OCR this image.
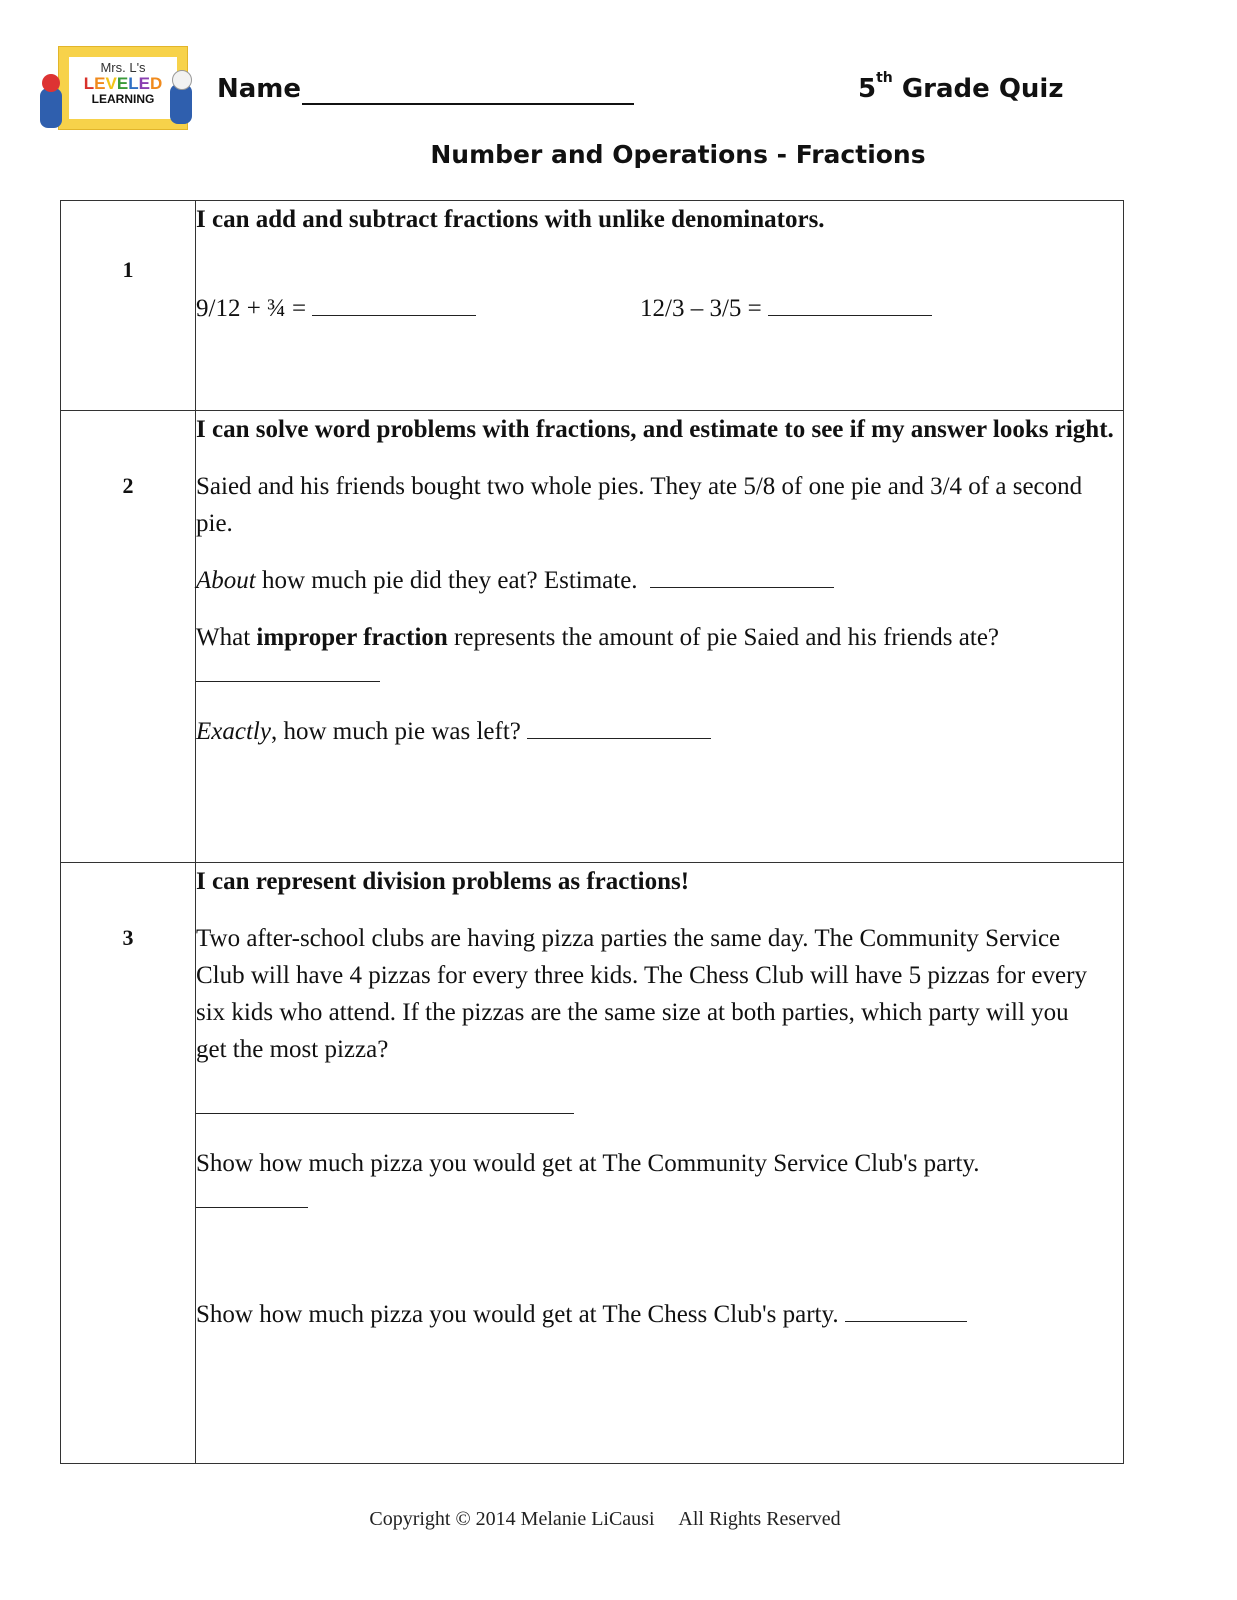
Mrs. L's
LEVELED
LEARNING	Name	5th Grade Quiz
Number and Operations - Fractions
1	I can add and subtract fractions with unlike denominators.
9/12 + ¾ = 12/3 – 3/5 =

2	I can solve word problems with fractions, and estimate to see if my answer looks right.

Saied and his friends bought two whole pies. They ate 5/8 of one pie and 3/4 of a second pie.

About how much pie did they eat? Estimate.

What improper fraction represents the amount of pie Saied and his friends ate?

Exactly, how much pie was left?

3	I can represent division problems as fractions!

Two after-school clubs are having pizza parties the same day. The Community Service Club will have 4 pizzas for every three kids. The Chess Club will have 5 pizzas for every six kids who attend. If the pizzas are the same size at both parties, which party will you get the most pizza?

Show how much pizza you would get at The Community Service Club's party.

Show how much pizza you would get at The Chess Club's party.

Copyright © 2014 Melanie LiCausi     All Rights Reserved
